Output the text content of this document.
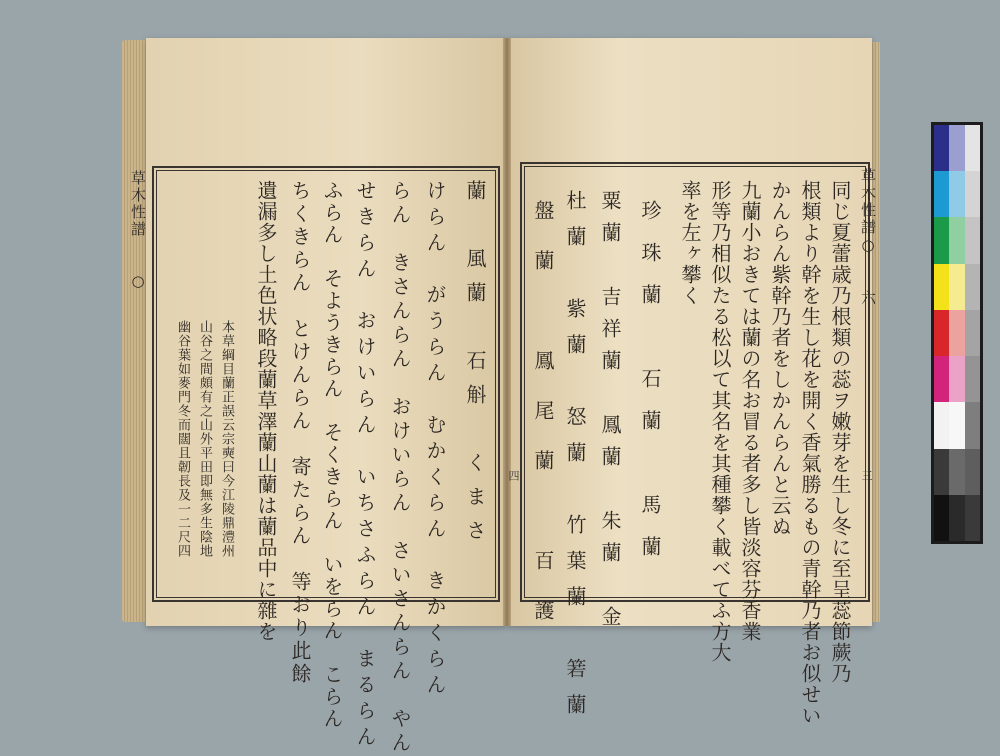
草木性譜　　○	草木性譜○　　六
四	三
同じ夏蕾歳乃根類の蕊ヲ嫩芽を生し冬に至呈蕊節蕨乃
根類より幹を生し花を開く香氣勝るもの青幹乃者お似せい
かんらん紫幹乃者をしかんらんと云ぬ
九蘭小おきては蘭の名お冒る者多し皆淡容芬香業
形等乃相似たる松以て其名を其種攀く載べてふ方大
率を左ヶ攀く
珍珠蘭　石蘭　馬蘭
粟蘭　吉祥蘭　鳳蘭　朱蘭　金
杜蘭　紫蘭　怒蘭　竹葉蘭　箬蘭
盤蘭　鳳尾蘭　百護
蘭　風蘭　石斛　くまさ
けらん　がうらん　むかくらん　きかくらん
らん　きさんらん　おけいらん　さいさんらん　やん
せきらん　おけいらん　いちさふらん　まるらん
ふらん　そようきらん　そくきらん　いをらん　こらん
ちくきらん　とけんらん　寄たらん　等おり此餘
遺漏多し土色状略段蘭草澤蘭山蘭は蘭品中に雜を
本草綱目蘭正誤云宗奭曰今江陵鼎澧州
山谷之間頗有之山外平田即無多生陰地
幽谷葉如麥門冬而闊且韌長及一二尺四
